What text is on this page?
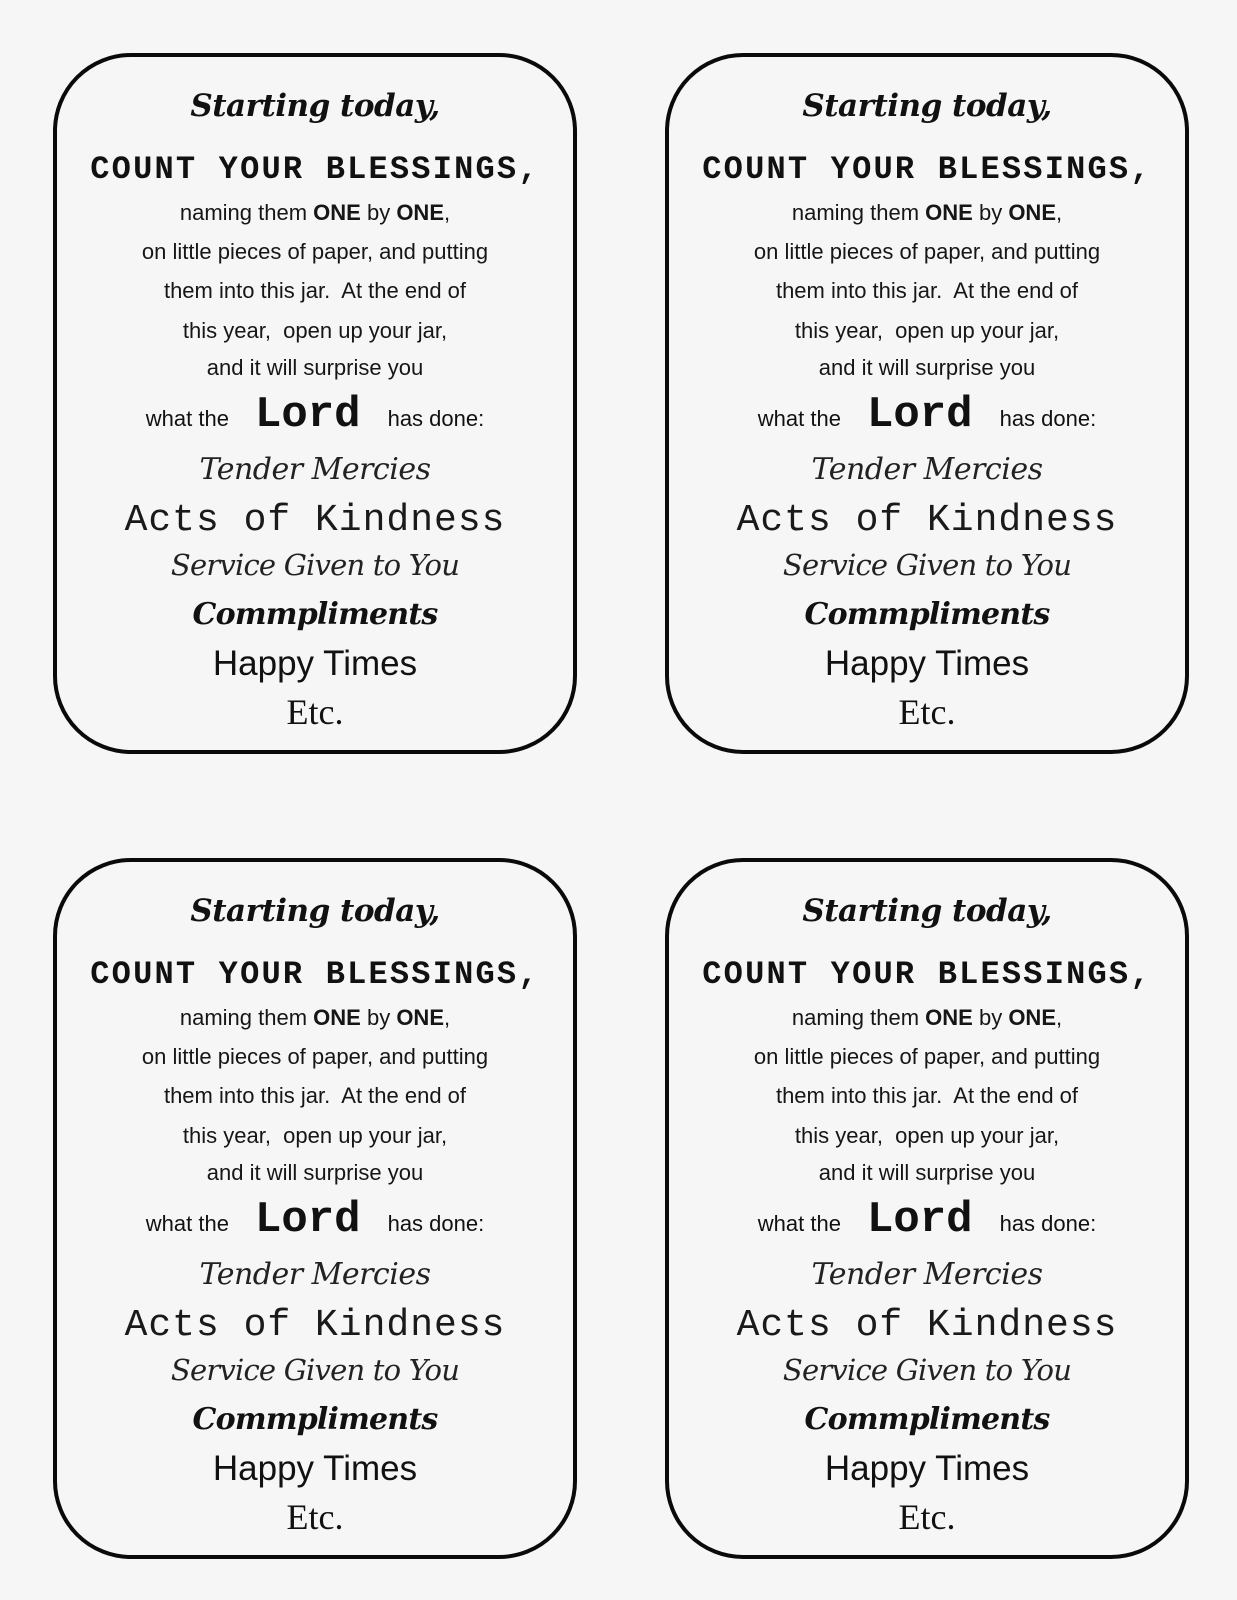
Starting today,
COUNT YOUR BLESSINGS,
naming them ONE by ONE,
on little pieces of paper, and putting
them into this jar.  At the end of
this year,  open up your jar,
and it will surprise you
what the Lord has done:
Tender Mercies
Acts of Kindness
Service Given to You
Commpliments
Happy Times
Etc.
Starting today,
COUNT YOUR BLESSINGS,
naming them ONE by ONE,
on little pieces of paper, and putting
them into this jar.  At the end of
this year,  open up your jar,
and it will surprise you
what the Lord has done:
Tender Mercies
Acts of Kindness
Service Given to You
Commpliments
Happy Times
Etc.
Starting today,
COUNT YOUR BLESSINGS,
naming them ONE by ONE,
on little pieces of paper, and putting
them into this jar.  At the end of
this year,  open up your jar,
and it will surprise you
what the Lord has done:
Tender Mercies
Acts of Kindness
Service Given to You
Commpliments
Happy Times
Etc.
Starting today,
COUNT YOUR BLESSINGS,
naming them ONE by ONE,
on little pieces of paper, and putting
them into this jar.  At the end of
this year,  open up your jar,
and it will surprise you
what the Lord has done:
Tender Mercies
Acts of Kindness
Service Given to You
Commpliments
Happy Times
Etc.
